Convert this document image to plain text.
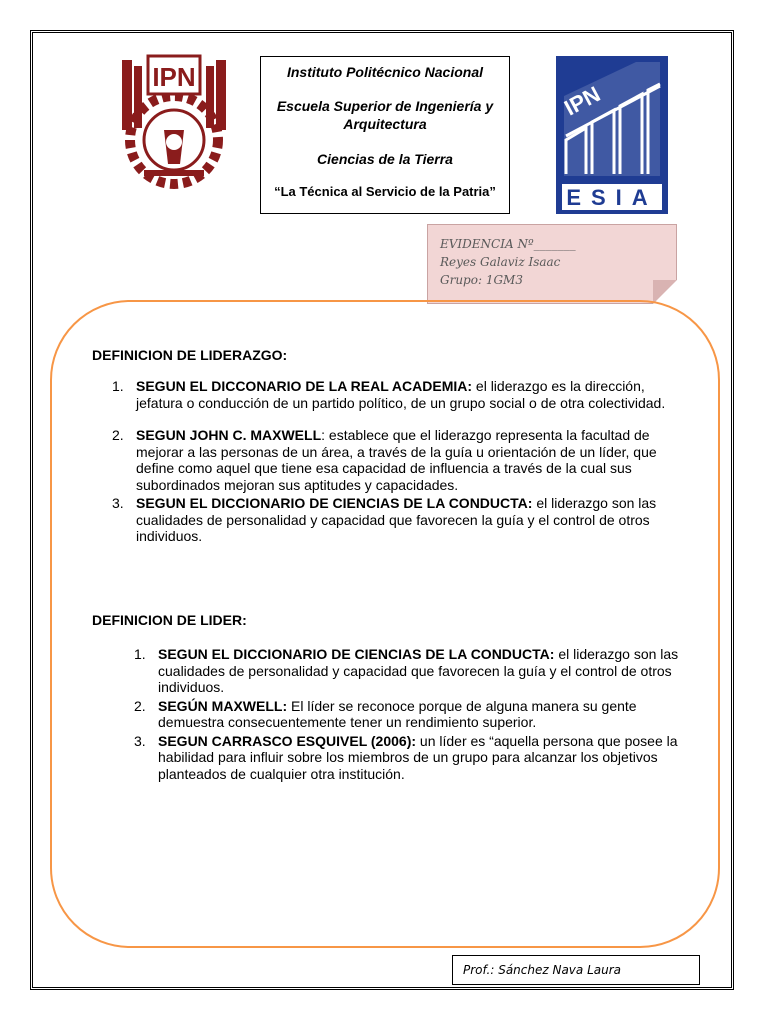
IPN	Instituto Politécnico Nacional

Escuela Superior de Ingeniería y Arquitectura

Ciencias de la Tierra

“La Técnica al Servicio de la Patria”

IPN
ESIA
EVIDENCIA Nº_______
Reyes Galaviz Isaac
Grupo: 1GM3
DEFINICION DE LIDERAZGO:
1. SEGUN EL DICCONARIO DE LA REAL ACADEMIA: el liderazgo es la dirección, jefatura o conducción de un partido político, de un grupo social o de otra colectividad.
2. SEGUN JOHN C. MAXWELL: establece que el liderazgo representa la facultad de mejorar a las personas de un área, a través de la guía u orientación de un líder, que define como aquel que tiene esa capacidad de influencia a través de la cual sus subordinados mejoran sus aptitudes y capacidades.
3. SEGUN EL DICCIONARIO DE CIENCIAS DE LA CONDUCTA: el liderazgo son las cualidades de personalidad y capacidad que favorecen la guía y el control de otros individuos.
DEFINICION DE LIDER:
1. SEGUN EL DICCIONARIO DE CIENCIAS DE LA CONDUCTA: el liderazgo son las cualidades de personalidad y capacidad que favorecen la guía y el control de otros individuos.
2. SEGÚN MAXWELL: El líder se reconoce porque de alguna manera su gente demuestra consecuentemente tener un rendimiento superior.
3. SEGUN CARRASCO ESQUIVEL (2006): un líder es “aquella persona que posee la habilidad para influir sobre los miembros de un grupo para alcanzar los objetivos planteados de cualquier otra institución.
Prof.: Sánchez Nava Laura
